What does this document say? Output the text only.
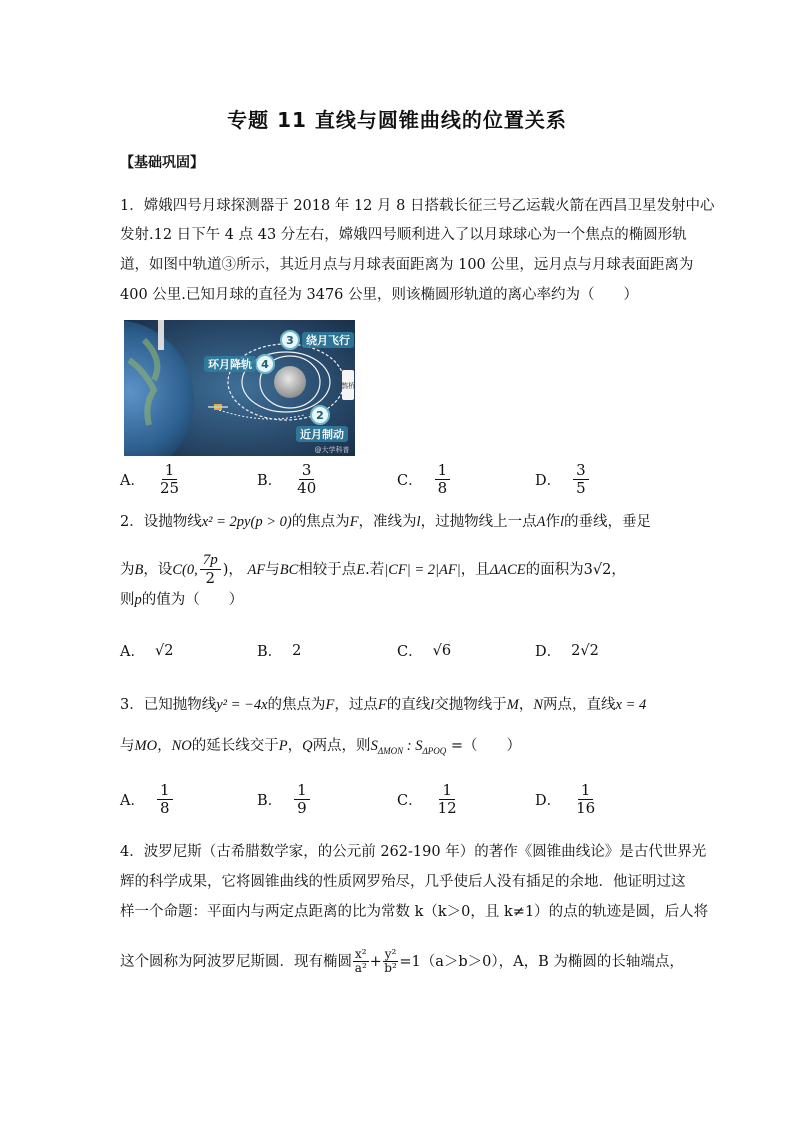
专题 11 直线与圆锥曲线的位置关系
【基础巩固】
1．嫦娥四号月球探测器于 2018 年 12 月 8 日搭载长征三号乙运载火箭在西昌卫星发射中心
发射.12 日下午 4 点 43 分左右，嫦娥四号顺利进入了以月球球心为一个焦点的椭圆形轨
道，如图中轨道③所示，其近月点与月球表面距离为 100 公里，远月点与月球表面距离为
400 公里.已知月球的直径为 3476 公里，则该椭圆形轨道的离心率约为（　　）
3 绕月飞行
4
环月降轨
2
近月制动
鹊桥
@大学科普
A． $\frac{1}{25}$	B． $\frac{3}{40}$	C． $\frac{1}{8}$	D． $\frac{3}{5}$
2．设抛物线x² = 2py(p > 0)的焦点为F，准线为l，过抛物线上一点A作l的垂线，垂足
为 B ，设 C(0, $\frac{7p}{2}$ )，
AF 与 BC 相较于点 E .若 |CF| = 2|AF| ，且 ΔACE 的面积为 3√2 ，
则p的值为（　　）
A． √2	B． 2	C． √6	D． 2√2
3．已知抛物线y² = −4x的焦点为F，过点F的直线l交抛物线于M，N两点，直线x = 4
与MO，NO的延长线交于P，Q两点，则$S_{\Delta MON}$ : $S_{\Delta POQ}$ =（　　）
A． $\frac{1}{8}$	B． $\frac{1}{9}$	C． $\frac{1}{12}$	D． $\frac{1}{16}$
4．波罗尼斯（古希腊数学家，的公元前 262-190 年）的著作《圆锥曲线论》是古代世界光
辉的科学成果，它将圆锥曲线的性质网罗殆尽，几乎使后人没有插足的余地．他证明过这
样一个命题：平面内与两定点距离的比为常数 k（k＞0，且 k≠1）的点的轨迹是圆，后人将
这个圆称为阿波罗尼斯圆．现有椭圆 $\frac{\text{x²}}{\text{a²}} + \frac{\text{y²}}{\text{b²}} =1(a>b>0)$，A，B 为椭圆的长轴端点，
